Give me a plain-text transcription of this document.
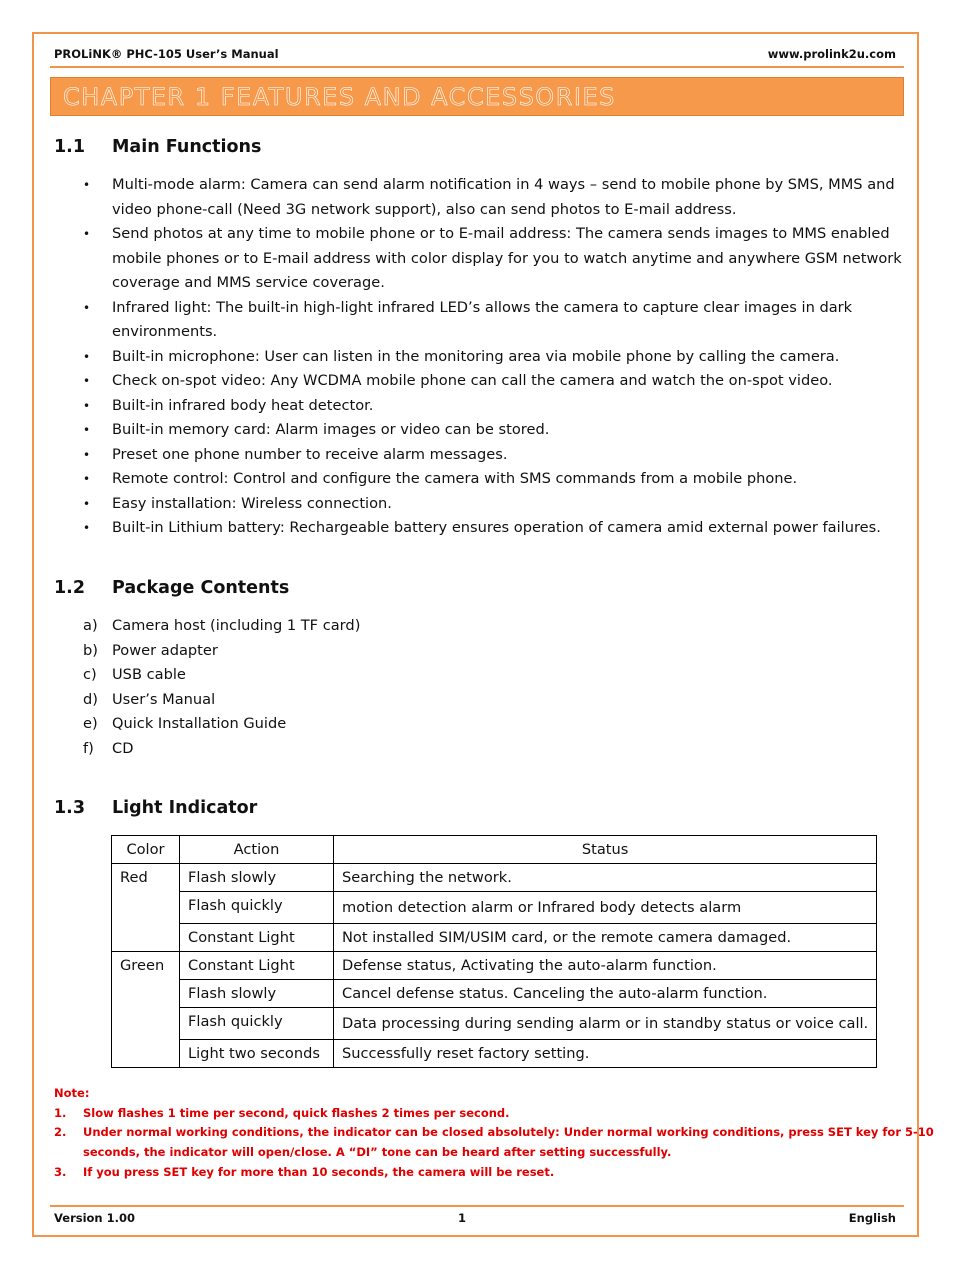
PROLiNK® PHC-105 User’s Manual	www.prolink2u.com
CHAPTER 1 FEATURES AND ACCESSORIES
1.1 Main Functions
• Multi-mode alarm: Camera can send alarm notification in 4 ways – send to mobile phone by SMS, MMS and
video phone-call (Need 3G network support), also can send photos to E-mail address.
• Send photos at any time to mobile phone or to E-mail address: The camera sends images to MMS enabled
mobile phones or to E-mail address with color display for you to watch anytime and anywhere GSM network
coverage and MMS service coverage.
• Infrared light: The built-in high-light infrared LED’s allows the camera to capture clear images in dark
environments.
• Built-in microphone: User can listen in the monitoring area via mobile phone by calling the camera.
• Check on-spot video: Any WCDMA mobile phone can call the camera and watch the on-spot video.
• Built-in infrared body heat detector.
• Built-in memory card: Alarm images or video can be stored.
• Preset one phone number to receive alarm messages.
• Remote control: Control and configure the camera with SMS commands from a mobile phone.
• Easy installation: Wireless connection.
• Built-in Lithium battery: Rechargeable battery ensures operation of camera amid external power failures.
1.2 Package Contents
a) Camera host (including 1 TF card)
b) Power adapter
c) USB cable
d) User’s Manual
e) Quick Installation Guide
f) CD
1.3 Light Indicator
Color	Action	Status
Red	Flash slowly	Searching the network.
	Flash quickly	motion detection alarm or Infrared body detects alarm
	Constant Light	Not installed SIM/USIM card, or the remote camera damaged.
Green	Constant Light	Defense status, Activating the auto-alarm function.
	Flash slowly	Cancel defense status. Canceling the auto-alarm function.
	Flash quickly	Data processing during sending alarm or in standby status or voice call.
	Light two seconds	Successfully reset factory setting.
Note:
1. Slow flashes 1 time per second, quick flashes 2 times per second.
2. Under normal working conditions, the indicator can be closed absolutely: Under normal working conditions, press SET key for 5-10
seconds, the indicator will open/close. A “DI” tone can be heard after setting successfully.
3. If you press SET key for more than 10 seconds, the camera will be reset.
Version 1.00	1	English
